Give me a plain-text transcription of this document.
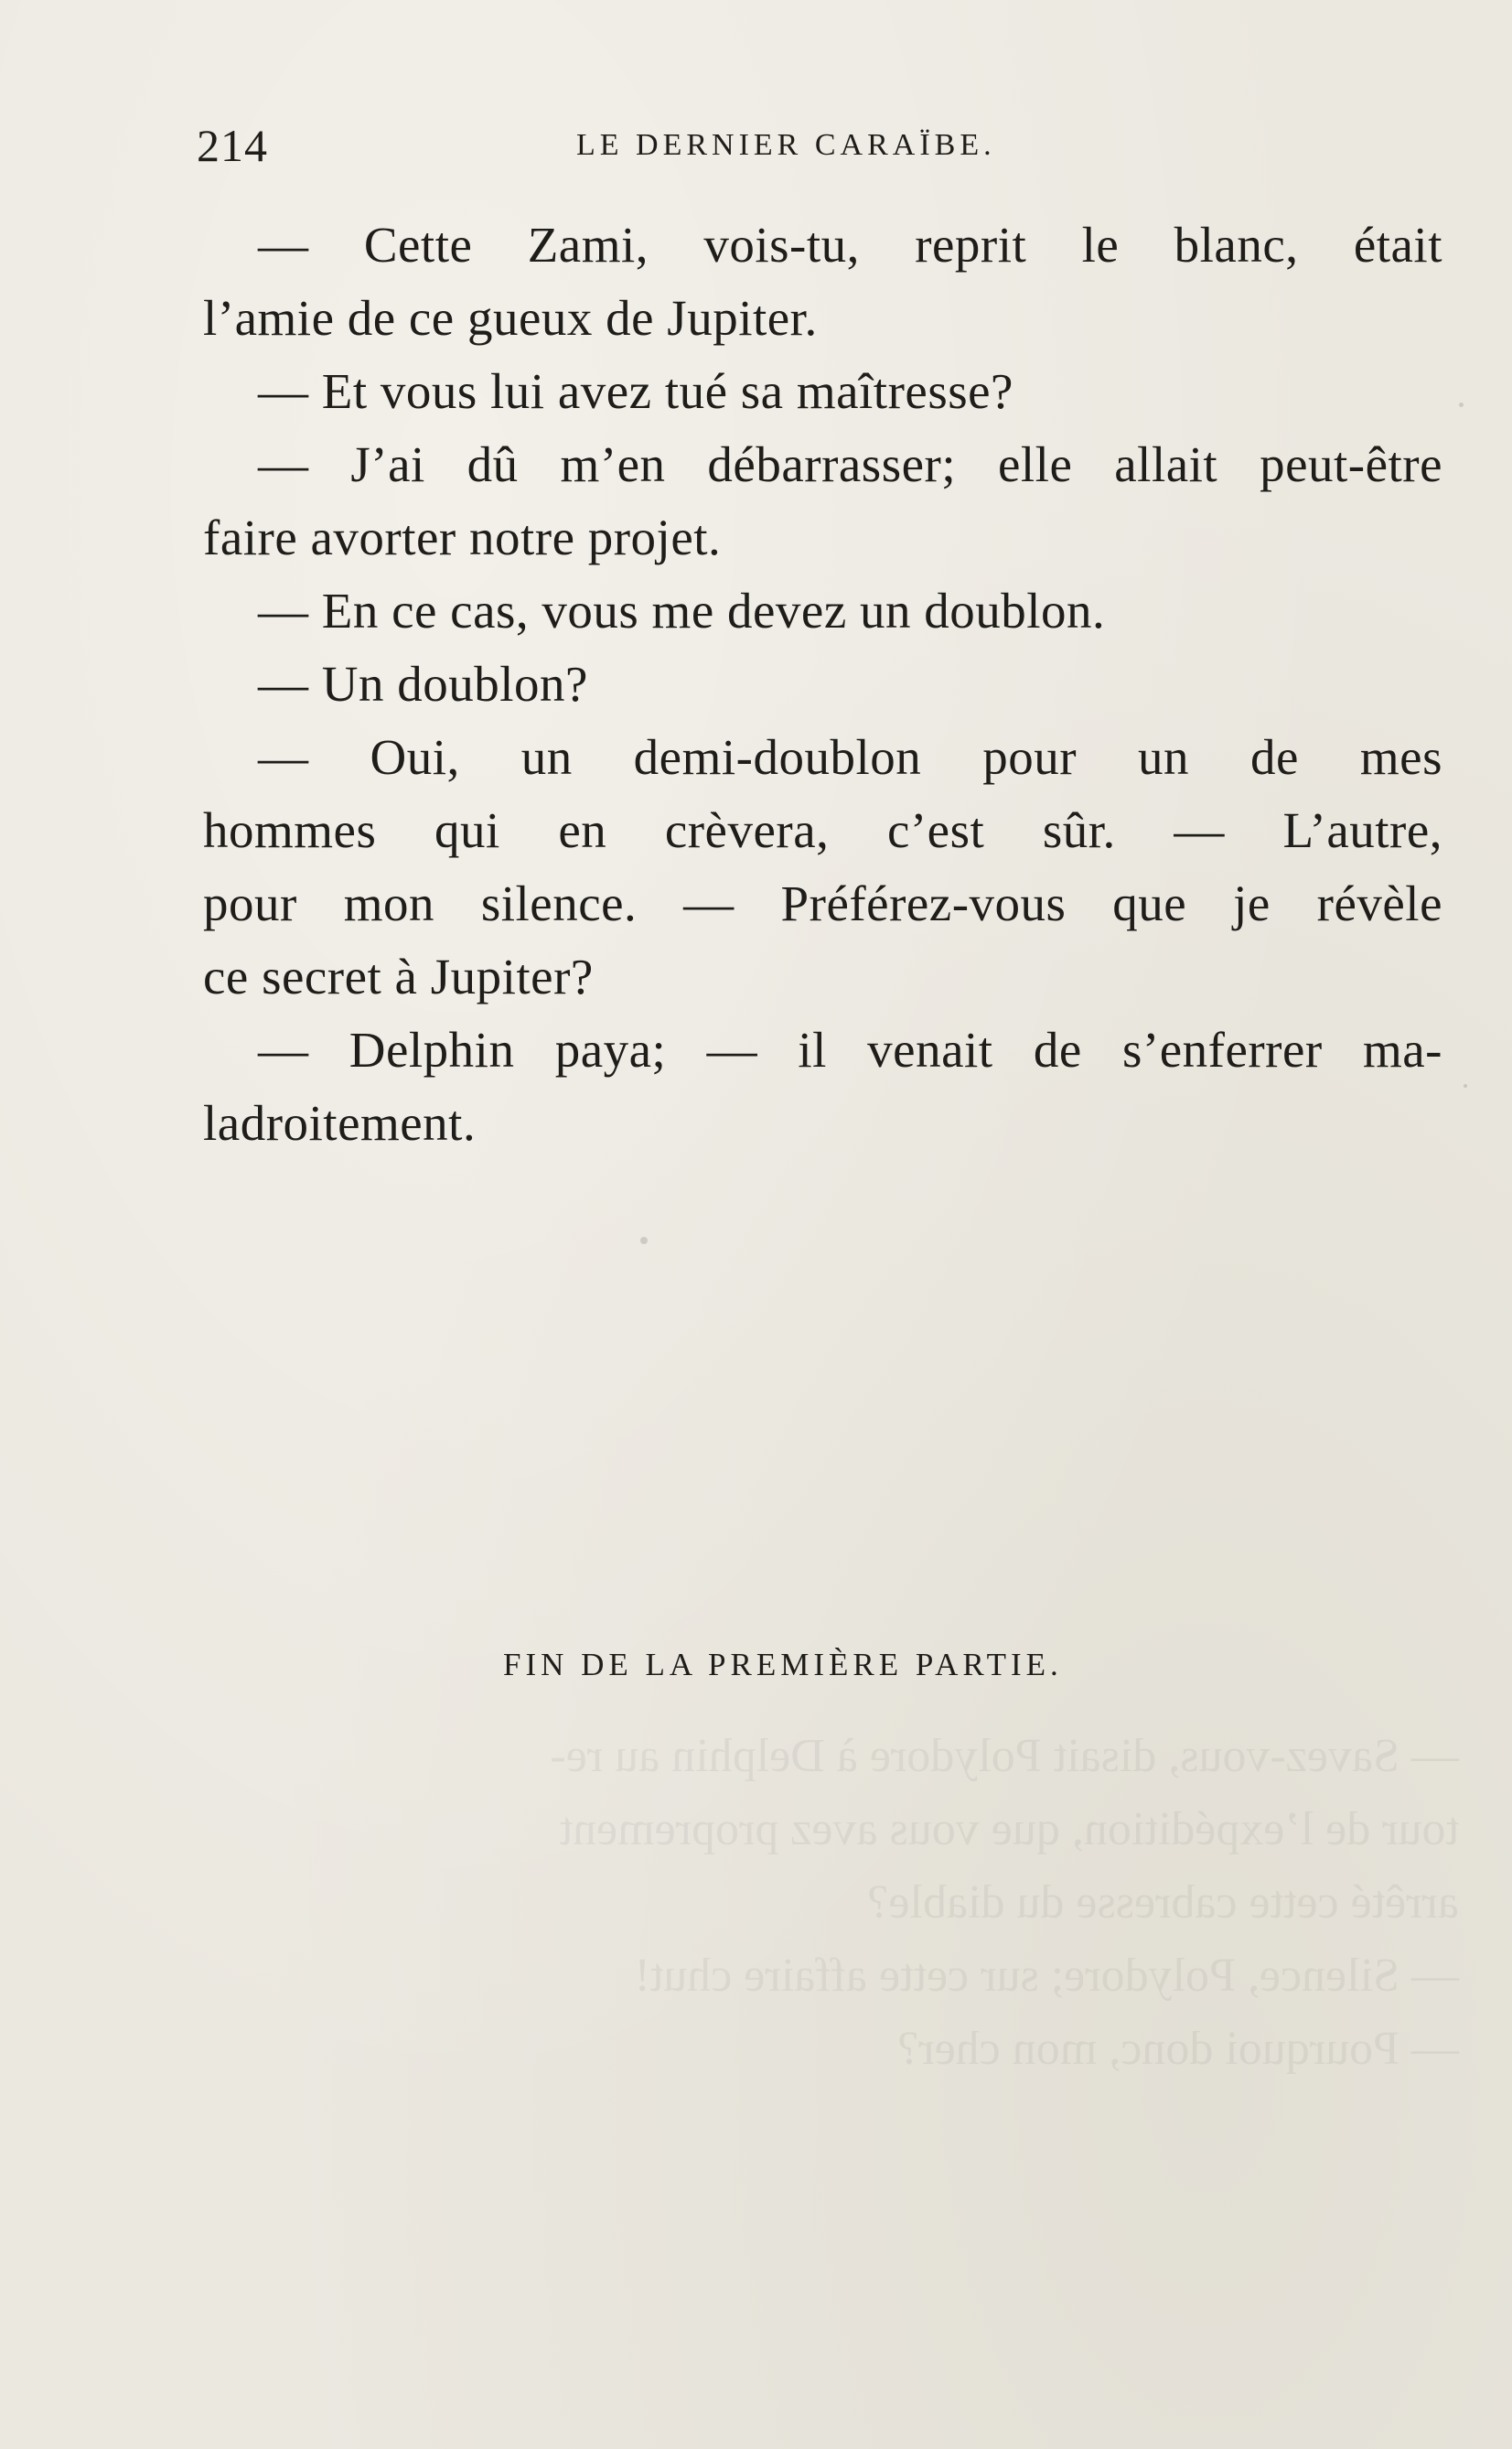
— Savez-vous, disait Polydore à Delphin au re-
tour de l’expédition, que vous avez proprement
arrêté cette cabresse du diable?
— Silence, Polydore; sur cette affaire chut!
— Pourquoi donc, mon cher?
214	LE DERNIER CARAÏBE.
— Cette Zami, vois-tu, reprit le blanc, était
l’amie de ce gueux de Jupiter.
— Et vous lui avez tué sa maîtresse?
— J’ai dû m’en débarrasser; elle allait peut-être
faire avorter notre projet.
— En ce cas, vous me devez un doublon.
— Un doublon?
— Oui, un demi-doublon pour un de mes
hommes qui en crèvera, c’est sûr. — L’autre,
pour mon silence. — Préférez-vous que je révèle
ce secret à Jupiter?
— Delphin paya; — il venait de s’enferrer ma-
ladroitement.
FIN DE LA PREMIÈRE PARTIE.
